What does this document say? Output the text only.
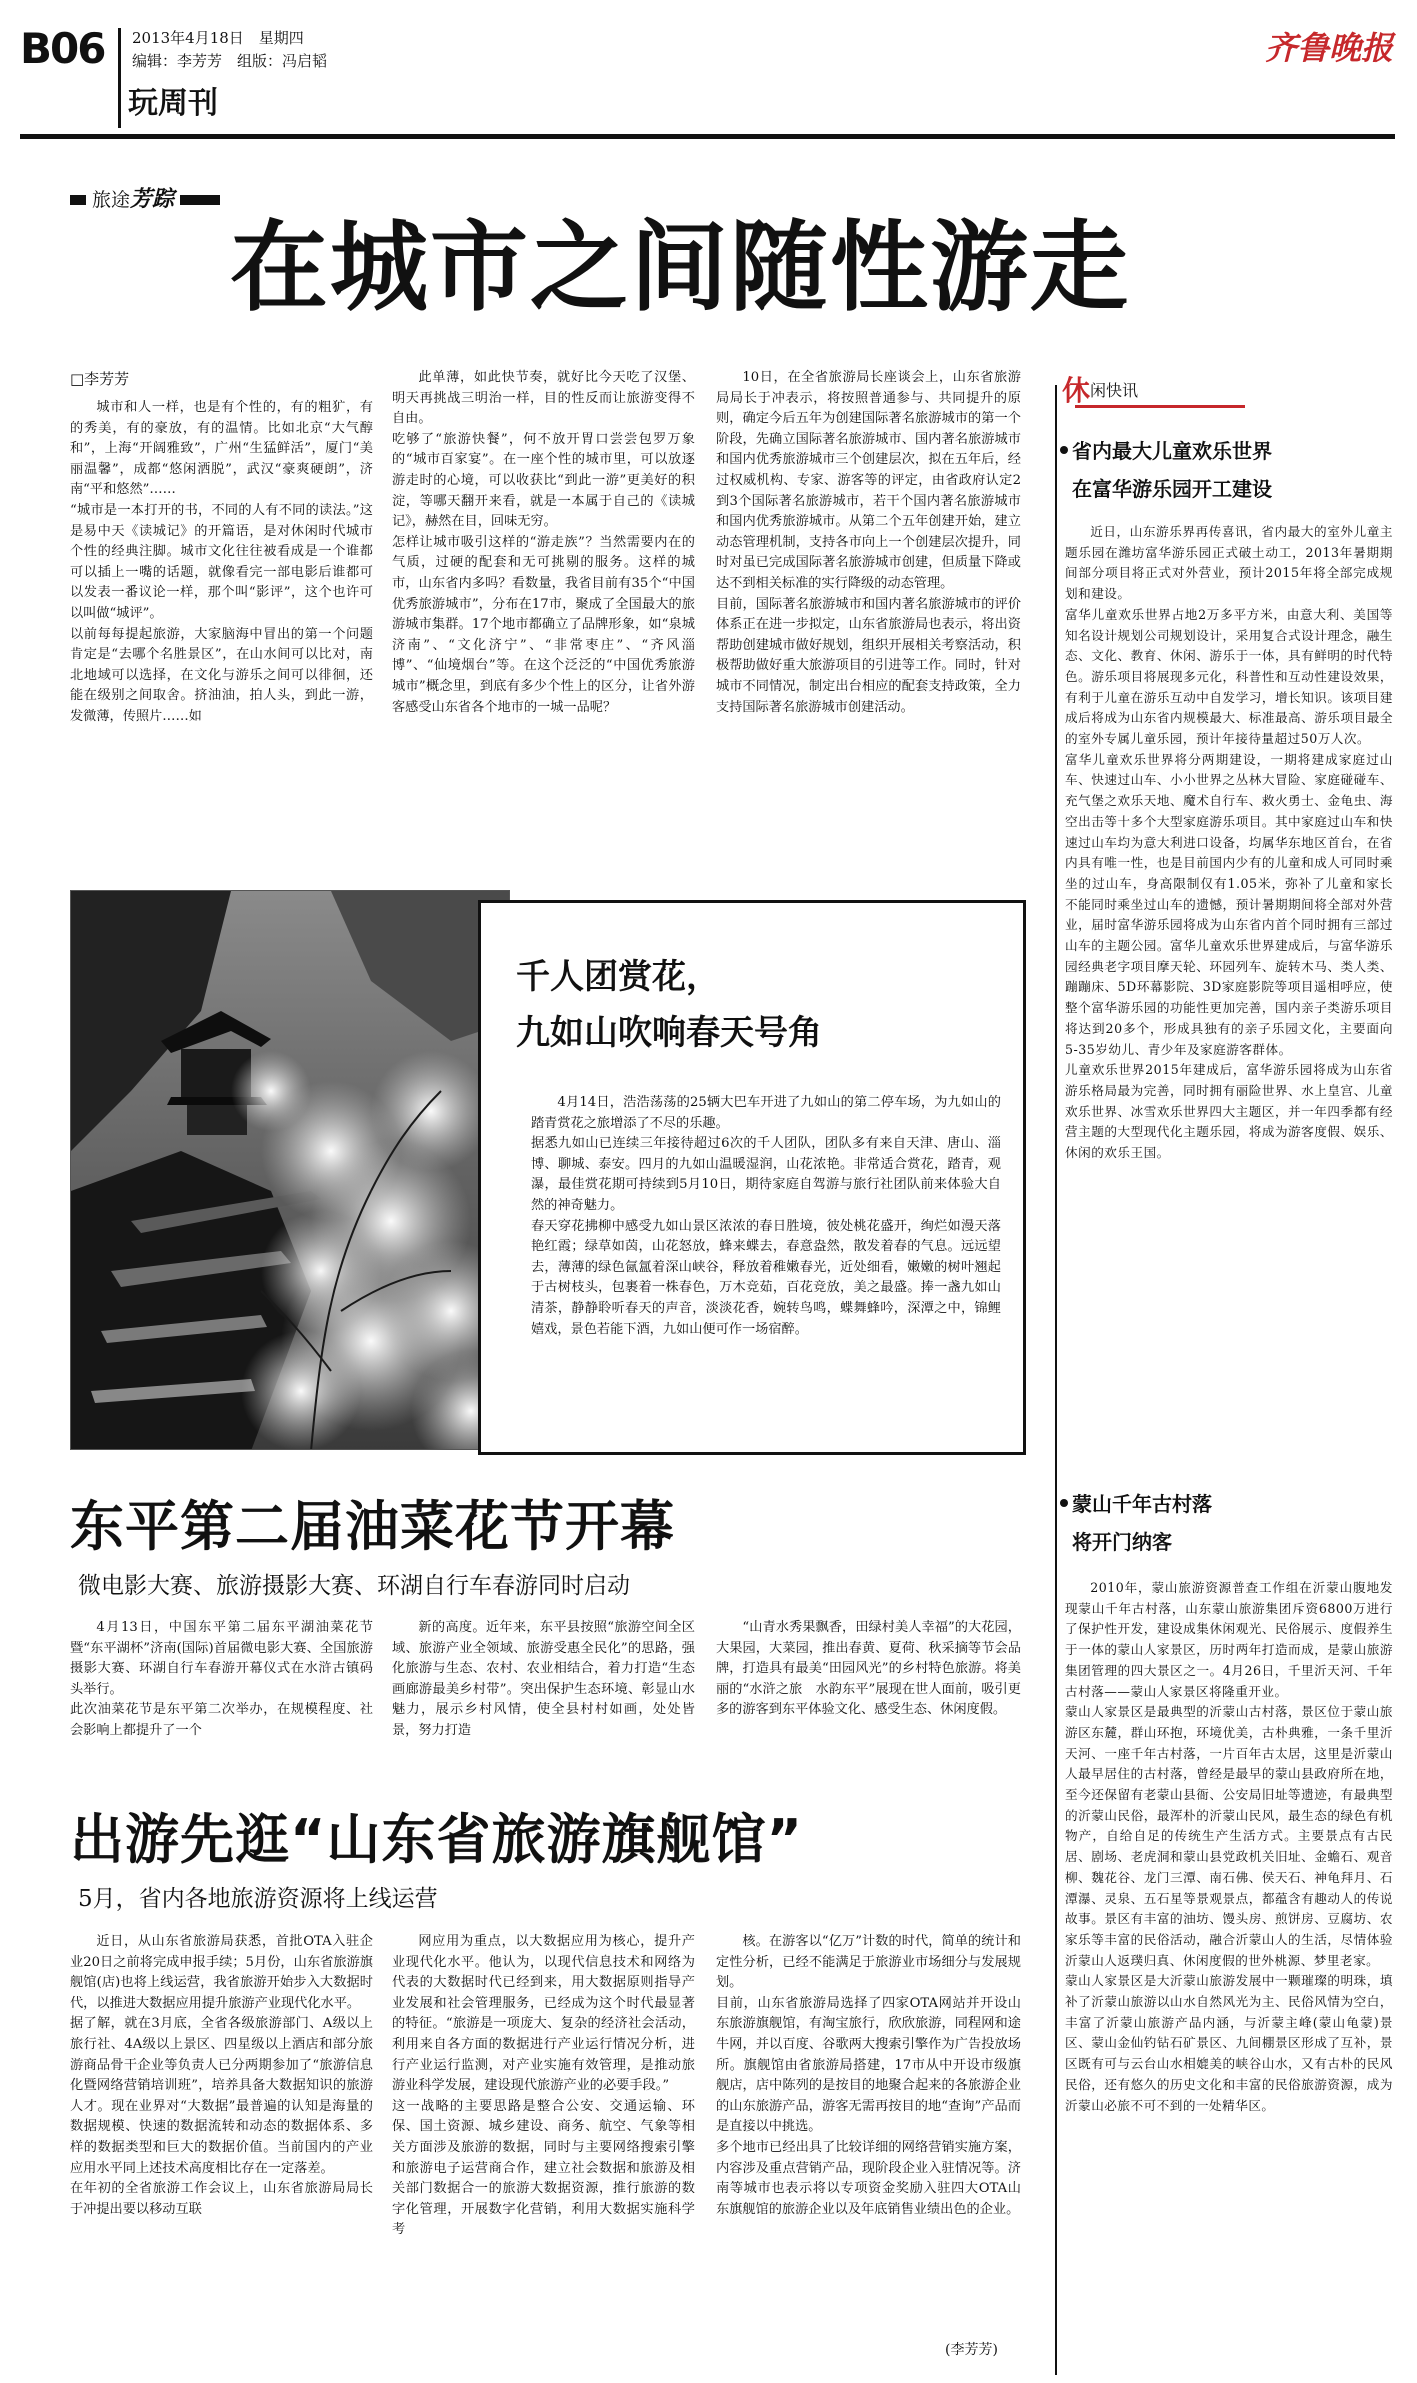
B06 2013年4月18日　星期四
编辑：李芳芳　组版：冯启韬
玩周刊
齐鲁晚报
旅途芳踪
在城市之间随性游走
□李芳芳
城市和人一样，也是有个性的，有的粗犷，有的秀美，有的豪放，有的温情。比如北京“大气醇和”，上海“开阔雅致”，广州“生猛鲜活”，厦门“美丽温馨”，成都“悠闲洒脱”，武汉“豪爽硬朗”，济南“平和悠然”……
“城市是一本打开的书，不同的人有不同的读法。”这是易中天《读城记》的开篇语，是对休闲时代城市个性的经典注脚。城市文化往往被看成是一个谁都可以插上一嘴的话题，就像看完一部电影后谁都可以发表一番议论一样，那个叫“影评”，这个也许可以叫做“城评”。
以前每每提起旅游，大家脑海中冒出的第一个问题肯定是“去哪个名胜景区”，在山水间可以比对，南北地域可以选择，在文化与游乐之间可以徘徊，还能在级别之间取舍。挤油油，拍人头，到此一游，发微薄，传照片……如
此单薄，如此快节奏，就好比今天吃了汉堡、明天再挑战三明治一样，目的性反而让旅游变得不自由。
吃够了“旅游快餐”，何不放开胃口尝尝包罗万象的“城市百家宴”。在一座个性的城市里，可以放逐游走时的心境，可以收获比“到此一游”更美好的积淀，等哪天翻开来看，就是一本属于自己的《读城记》，赫然在目，回味无穷。
怎样让城市吸引这样的“游走族”？当然需要内在的气质，过硬的配套和无可挑剔的服务。这样的城市，山东省内多吗？看数量，我省目前有35个“中国优秀旅游城市”，分布在17市，聚成了全国最大的旅游城市集群。17个地市都确立了品牌形象，如“泉城济南”、“文化济宁”、“非常枣庄”、“齐风淄博”、“仙境烟台”等。在这个泛泛的“中国优秀旅游城市”概念里，到底有多少个性上的区分，让省外游客感受山东省各个地市的一城一品呢？
10日，在全省旅游局长座谈会上，山东省旅游局局长于冲表示，将按照普通参与、共同提升的原则，确定今后五年为创建国际著名旅游城市的第一个阶段，先确立国际著名旅游城市、国内著名旅游城市和国内优秀旅游城市三个创建层次，拟在五年后，经过权威机构、专家、游客等的评定，由省政府认定2到3个国际著名旅游城市，若干个国内著名旅游城市和国内优秀旅游城市。从第二个五年创建开始，建立动态管理机制，支持各市向上一个创建层次提升，同时对虽已完成国际著名旅游城市创建，但质量下降或达不到相关标准的实行降级的动态管理。
目前，国际著名旅游城市和国内著名旅游城市的评价体系正在进一步拟定，山东省旅游局也表示，将出资帮助创建城市做好规划，组织开展相关考察活动，积极帮助做好重大旅游项目的引进等工作。同时，针对城市不同情况，制定出台相应的配套支持政策，全力支持国际著名旅游城市创建活动。
千人团赏花，
九如山吹响春天号角
4月14日，浩浩荡荡的25辆大巴车开进了九如山的第二停车场，为九如山的踏青赏花之旅增添了不尽的乐趣。
据悉九如山已连续三年接待超过6次的千人团队，团队多有来自天津、唐山、淄博、聊城、泰安。四月的九如山温暖湿润，山花浓艳。非常适合赏花，踏青，观瀑，最佳赏花期可持续到5月10日，期待家庭自驾游与旅行社团队前来体验大自然的神奇魅力。
春天穿花拂柳中感受九如山景区浓浓的春日胜境，彼处桃花盛开，绚烂如漫天落艳红霞；绿草如茵，山花怒放，蜂来蝶去，春意盎然，散发着春的气息。远远望去，薄薄的绿色氤氲着深山峡谷，释放着稚嫩春光，近处细看，嫩嫩的树叶翘起于古树枝头，包裹着一株春色，万木竞茹，百花竞放，美之最盛。捧一盏九如山清茶，静静聆听春天的声音，淡淡花香，婉转鸟鸣，蝶舞蜂吟，深潭之中，锦鲤嬉戏，景色若能下酒，九如山便可作一场宿醉。
东平第二届油菜花节开幕
微电影大赛、旅游摄影大赛、环湖自行车春游同时启动
4月13日，中国东平第二届东平湖油菜花节暨“东平湖杯”济南(国际)首届微电影大赛、全国旅游摄影大赛、环湖自行车春游开幕仪式在水浒古镇码头举行。
此次油菜花节是东平第二次举办，在规模程度、社会影响上都提升了一个
新的高度。近年来，东平县按照“旅游空间全区域、旅游产业全领域、旅游受惠全民化”的思路，强化旅游与生态、农村、农业相结合，着力打造“生态画廊游最美乡村带”。突出保护生态环境、彰显山水魅力，展示乡村风情，使全县村村如画，处处皆景，努力打造
“山青水秀果飘香，田绿村美人幸福”的大花园，大果园，大菜园，推出春黄、夏荷、秋采摘等节会品牌，打造具有最美“田园风光”的乡村特色旅游。将美丽的“水浒之旅　水韵东平”展现在世人面前，吸引更多的游客到东平体验文化、感受生态、休闲度假。
出游先逛“山东省旅游旗舰馆”
5月，省内各地旅游资源将上线运营
近日，从山东省旅游局获悉，首批OTA入驻企业20日之前将完成申报手续；5月份，山东省旅游旗舰馆(店)也将上线运营，我省旅游开始步入大数据时代，以推进大数据应用提升旅游产业现代化水平。
据了解，就在3月底，全省各级旅游部门、A级以上旅行社、4A级以上景区、四星级以上酒店和部分旅游商品骨干企业等负责人已分两期参加了“旅游信息化暨网络营销培训班”，培养具备大数据知识的旅游人才。现在业界对“大数据”最普遍的认知是海量的数据规模、快速的数据流转和动态的数据体系、多样的数据类型和巨大的数据价值。当前国内的产业应用水平同上述技术高度相比存在一定落差。
在年初的全省旅游工作会议上，山东省旅游局局长于冲提出要以移动互联
网应用为重点，以大数据应用为核心，提升产业现代化水平。他认为，以现代信息技术和网络为代表的大数据时代已经到来，用大数据原则指导产业发展和社会管理服务，已经成为这个时代最显著的特征。“旅游是一项庞大、复杂的经济社会活动，利用来自各方面的数据进行产业运行情况分析，进行产业运行监测，对产业实施有效管理，是推动旅游业科学发展，建设现代旅游产业的必要手段。”
这一战略的主要思路是整合公安、交通运输、环保、国土资源、城乡建设、商务、航空、气象等相关方面涉及旅游的数据，同时与主要网络搜索引擎和旅游电子运营商合作，建立社会数据和旅游及相关部门数据合一的旅游大数据资源，推行旅游的数字化管理，开展数字化营销，利用大数据实施科学考
核。在游客以“亿万”计数的时代，简单的统计和定性分析，已经不能满足于旅游业市场细分与发展规划。
目前，山东省旅游局选择了四家OTA网站并开设山东旅游旗舰馆，有淘宝旅行，欣欣旅游，同程网和途牛网，并以百度、谷歌两大搜索引擎作为广告投放场所。旗舰馆由省旅游局搭建，17市从中开设市级旗舰店，店中陈列的是按目的地聚合起来的各旅游企业的山东旅游产品，游客无需再按目的地“查询”产品而是直接以中挑选。
多个地市已经出具了比较详细的网络营销实施方案，内容涉及重点营销产品，现阶段企业入驻情况等。济南等城市也表示将以专项资金奖励入驻四大OTA山东旗舰馆的旅游企业以及年底销售业绩出色的企业。
(李芳芳)
休闲快讯
省内最大儿童欢乐世界
在富华游乐园开工建设
近日，山东游乐界再传喜讯，省内最大的室外儿童主题乐园在潍坊富华游乐园正式破土动工，2013年暑期期间部分项目将正式对外营业，预计2015年将全部完成规划和建设。
富华儿童欢乐世界占地2万多平方米，由意大利、美国等知名设计规划公司规划设计，采用复合式设计理念，融生态、文化、教育、休闲、游乐于一体，具有鲜明的时代特色。游乐项目将展现多元化，科普性和互动性建设效果，有利于儿童在游乐互动中自发学习，增长知识。该项目建成后将成为山东省内规模最大、标准最高、游乐项目最全的室外专属儿童乐园，预计年接待量超过50万人次。
富华儿童欢乐世界将分两期建设，一期将建成家庭过山车、快速过山车、小小世界之丛林大冒险、家庭碰碰车、充气堡之欢乐天地、魔术自行车、救火勇士、金龟虫、海空出击等十多个大型家庭游乐项目。其中家庭过山车和快速过山车均为意大利进口设备，均属华东地区首台，在省内具有唯一性，也是目前国内少有的儿童和成人可同时乘坐的过山车，身高限制仅有1.05米，弥补了儿童和家长不能同时乘坐过山车的遗憾，预计暑期期间将全部对外营业，届时富华游乐园将成为山东省内首个同时拥有三部过山车的主题公园。富华儿童欢乐世界建成后，与富华游乐园经典老字项目摩天轮、环园列车、旋转木马、类人类、蹦蹦床、5D环幕影院、3D家庭影院等项目遥相呼应，使整个富华游乐园的功能性更加完善，国内亲子类游乐项目将达到20多个，形成具独有的亲子乐园文化，主要面向5-35岁幼儿、青少年及家庭游客群体。
儿童欢乐世界2015年建成后，富华游乐园将成为山东省游乐格局最为完善，同时拥有丽险世界、水上皇宫、儿童欢乐世界、冰雪欢乐世界四大主题区，并一年四季都有经营主题的大型现代化主题乐园，将成为游客度假、娱乐、休闲的欢乐王国。
蒙山千年古村落
将开门纳客
2010年，蒙山旅游资源普查工作组在沂蒙山腹地发现蒙山千年古村落，山东蒙山旅游集团斥资6800万进行了保护性开发，建设成集休闲观光、民俗展示、度假养生于一体的蒙山人家景区，历时两年打造而成，是蒙山旅游集团管理的四大景区之一。4月26日，千里沂天河、千年古村落——蒙山人家景区将隆重开业。
蒙山人家景区是最典型的沂蒙山古村落，景区位于蒙山旅游区东麓，群山环抱，环境优美，古朴典雅，一条千里沂天河、一座千年古村落，一片百年古太居，这里是沂蒙山人最早居住的古村落，曾经是最早的蒙山县政府所在地，至今还保留有老蒙山县衙、公安局旧址等遗迹，有最典型的沂蒙山民俗，最浑朴的沂蒙山民风，最生态的绿色有机物产，自给自足的传统生产生活方式。主要景点有古民居、剧场、老虎洞和蒙山县党政机关旧址、金蟾石、观音柳、魏花谷、龙门三潭、南石佛、侯天石、神龟拜月、石潭瀑、灵泉、五石星等景观景点，都蕴含有趣动人的传说故事。景区有丰富的油坊、馒头房、煎饼房、豆腐坊、农家乐等丰富的民俗活动，融合沂蒙山人的生活，尽情体验沂蒙山人返璞归真、休闲度假的世外桃源、梦里老家。
蒙山人家景区是大沂蒙山旅游发展中一颗璀璨的明珠，填补了沂蒙山旅游以山水自然风光为主、民俗风情为空白，丰富了沂蒙山旅游产品内涵，与沂蒙主峰(蒙山龟蒙)景区、蒙山金仙钓钻石矿景区、九间棚景区形成了互补，景区既有可与云台山水相媲美的峡谷山水，又有古朴的民风民俗，还有悠久的历史文化和丰富的民俗旅游资源，成为沂蒙山必旅不可不到的一处精华区。
